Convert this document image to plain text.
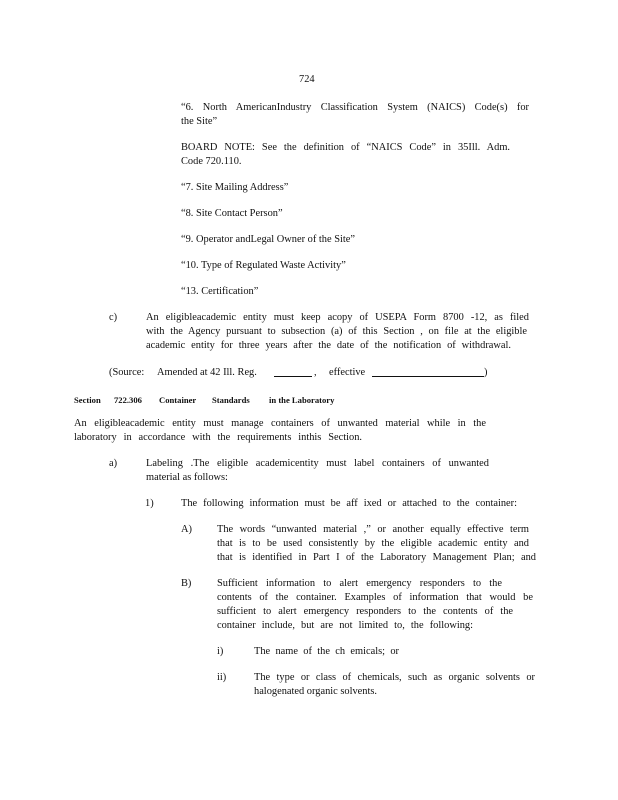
724
“6. North AmericanIndustry Classification System (NAICS) Code(s) for
the Site”
BOARD NOTE: See the definition of “NAICS Code” in 35Ill. Adm.
Code 720.110.
“7. Site Mailing Address”
“8. Site Contact Person”
“9. Operator andLegal Owner of the Site”
“10. Type of Regulated Waste Activity”
“13. Certification”
c)	An eligibleacademic entity must keep acopy of USEPA Form 8700 -12, as filed
with the Agency pursuant to subsection (a) of this Section , on file at the eligible
academic entity for three years after the date of the notification of withdrawal.
(Source: Amended at 42 Ill. Reg.	, effective	)
Section 722.306 Container Standards in the Laboratory
An eligibleacademic entity must manage containers of unwanted material while in the
laboratory in accordance with the requirements inthis Section.
a)	Labeling .The eligible academicentity must label containers of unwanted
material as follows:
1)	The following information must be aff ixed or attached to the container:
A) The words “unwanted material ,” or another equally effective term
that is to be used consistently by the eligible academic entity and
that is identified in Part I of the Laboratory Management Plan; and
B) Sufficient information to alert emergency responders to the
contents of the container. Examples of information that would be
sufficient to alert emergency responders to the contents of the
container include, but are not limited to, the following:
i)	The name of the ch emicals; or
ii)	The type or class of chemicals, such as organic solvents or
halogenated organic solvents.
